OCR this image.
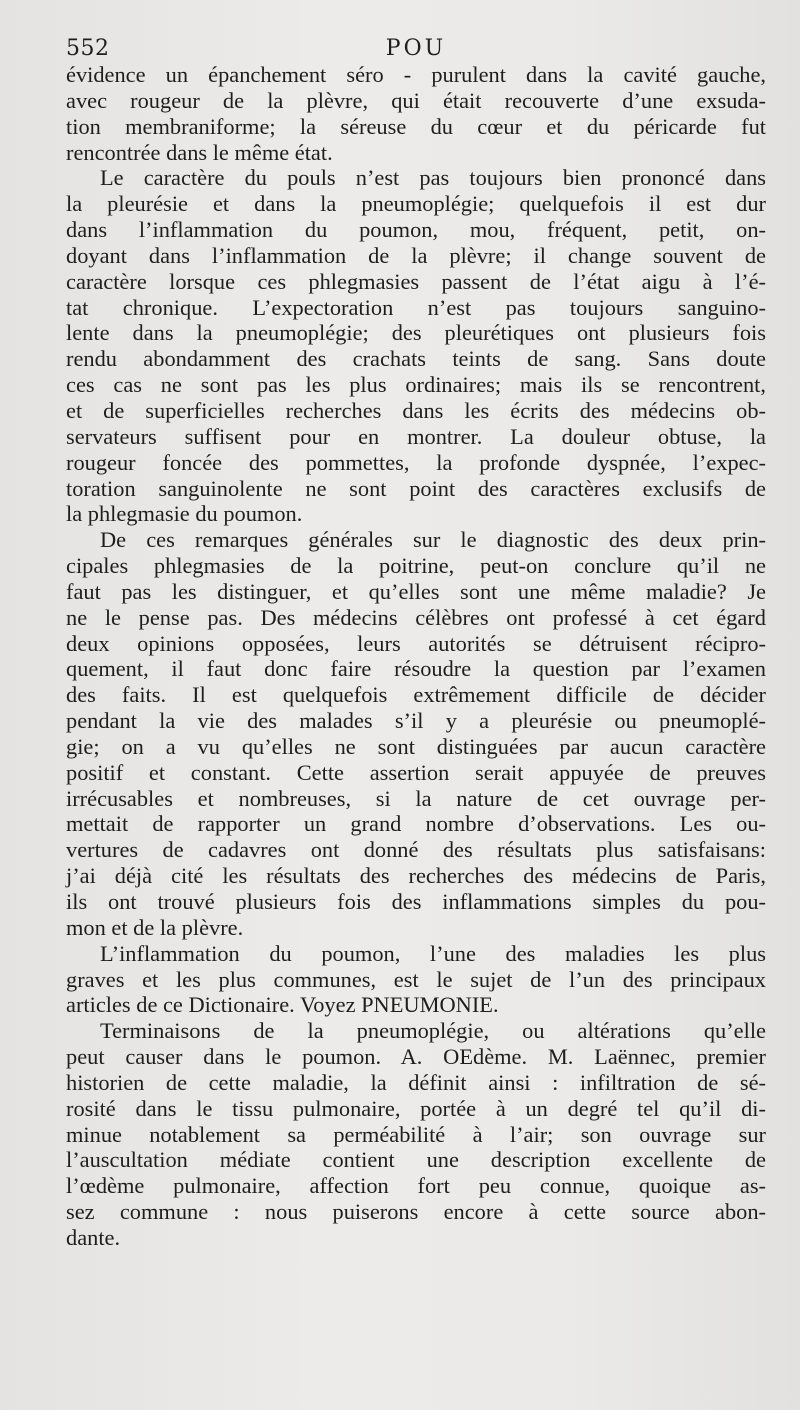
552	POU
évidence un épanchement séro - purulent dans la cavité gauche,
avec rougeur de la plèvre, qui était recouverte d’une exsuda-
tion membraniforme; la séreuse du cœur et du péricarde fut
rencontrée dans le même état.
Le caractère du pouls n’est pas toujours bien prononcé dans
la pleurésie et dans la pneumoplégie; quelquefois il est dur
dans l’inflammation du poumon, mou, fréquent, petit, on-
doyant dans l’inflammation de la plèvre; il change souvent de
caractère lorsque ces phlegmasies passent de l’état aigu à l’é-
tat chronique. L’expectoration n’est pas toujours sanguino-
lente dans la pneumoplégie; des pleurétiques ont plusieurs fois
rendu abondamment des crachats teints de sang. Sans doute
ces cas ne sont pas les plus ordinaires; mais ils se rencontrent,
et de superficielles recherches dans les écrits des médecins ob-
servateurs suffisent pour en montrer. La douleur obtuse, la
rougeur foncée des pommettes, la profonde dyspnée, l’expec-
toration sanguinolente ne sont point des caractères exclusifs de
la phlegmasie du poumon.
De ces remarques générales sur le diagnostic des deux prin-
cipales phlegmasies de la poitrine, peut-on conclure qu’il ne
faut pas les distinguer, et qu’elles sont une même maladie? Je
ne le pense pas. Des médecins célèbres ont professé à cet égard
deux opinions opposées, leurs autorités se détruisent récipro-
quement, il faut donc faire résoudre la question par l’examen
des faits. Il est quelquefois extrêmement difficile de décider
pendant la vie des malades s’il y a pleurésie ou pneumoplé-
gie; on a vu qu’elles ne sont distinguées par aucun caractère
positif et constant. Cette assertion serait appuyée de preuves
irrécusables et nombreuses, si la nature de cet ouvrage per-
mettait de rapporter un grand nombre d’observations. Les ou-
vertures de cadavres ont donné des résultats plus satisfaisans:
j’ai déjà cité les résultats des recherches des médecins de Paris,
ils ont trouvé plusieurs fois des inflammations simples du pou-
mon et de la plèvre.
L’inflammation du poumon, l’une des maladies les plus
graves et les plus communes, est le sujet de l’un des principaux
articles de ce Dictionaire. Voyez PNEUMONIE.
Terminaisons de la pneumoplégie, ou altérations qu’elle
peut causer dans le poumon. A. OEdème. M. Laënnec, premier
historien de cette maladie, la définit ainsi : infiltration de sé-
rosité dans le tissu pulmonaire, portée à un degré tel qu’il di-
minue notablement sa perméabilité à l’air; son ouvrage sur
l’auscultation médiate contient une description excellente de
l’œdème pulmonaire, affection fort peu connue, quoique as-
sez commune : nous puiserons encore à cette source abon-
dante.
